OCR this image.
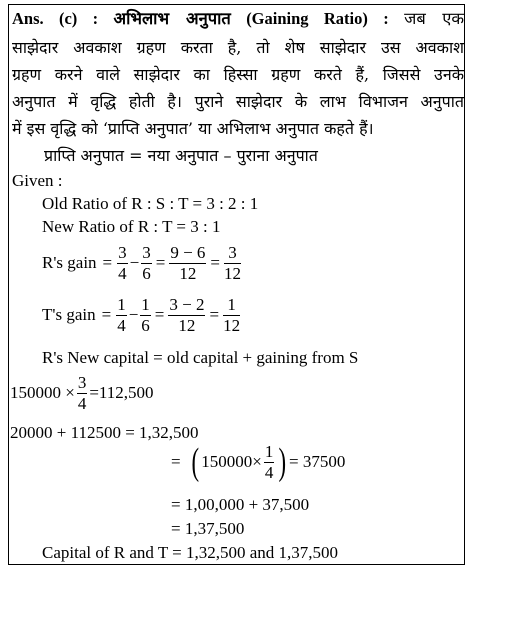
Ans. (c) : अभिलाभ अनुपात (Gaining Ratio) : जब एक
साझेदार अवकाश ग्रहण करता है, तो शेष साझेदार उस अवकाश
ग्रहण करने वाले साझेदार का हिस्सा ग्रहण करते हैं, जिससे उनके
अनुपात में वृद्धि होती है। पुराने साझेदार के लाभ विभाजन अनुपात
में इस वृद्धि को ‘प्राप्ति अनुपात’ या अभिलाभ अनुपात कहते हैं।
प्राप्ति अनुपात = नया अनुपात – पुराना अनुपात
Given :
Old Ratio of R : S : T = 3 : 2 : 1
New Ratio of R : T = 3 : 1
R's gain = $\frac{3}{4} - \frac{3}{6} = \frac{9 - 6}{12} = \frac{3}{12}$
T's gain = $\frac{1}{4} - \frac{1}{6} = \frac{3 - 2}{12} = \frac{1}{12}$
R's New capital = old capital + gaining from S
$150000 \times \frac{3}{4} =112,500$
20000 + 112500 = 1,32,500
= ( $150000\times \frac{1}{4}$ ) = 37500
= 1,00,000 + 37,500
= 1,37,500
Capital of R and T = 1,32,500 and 1,37,500
